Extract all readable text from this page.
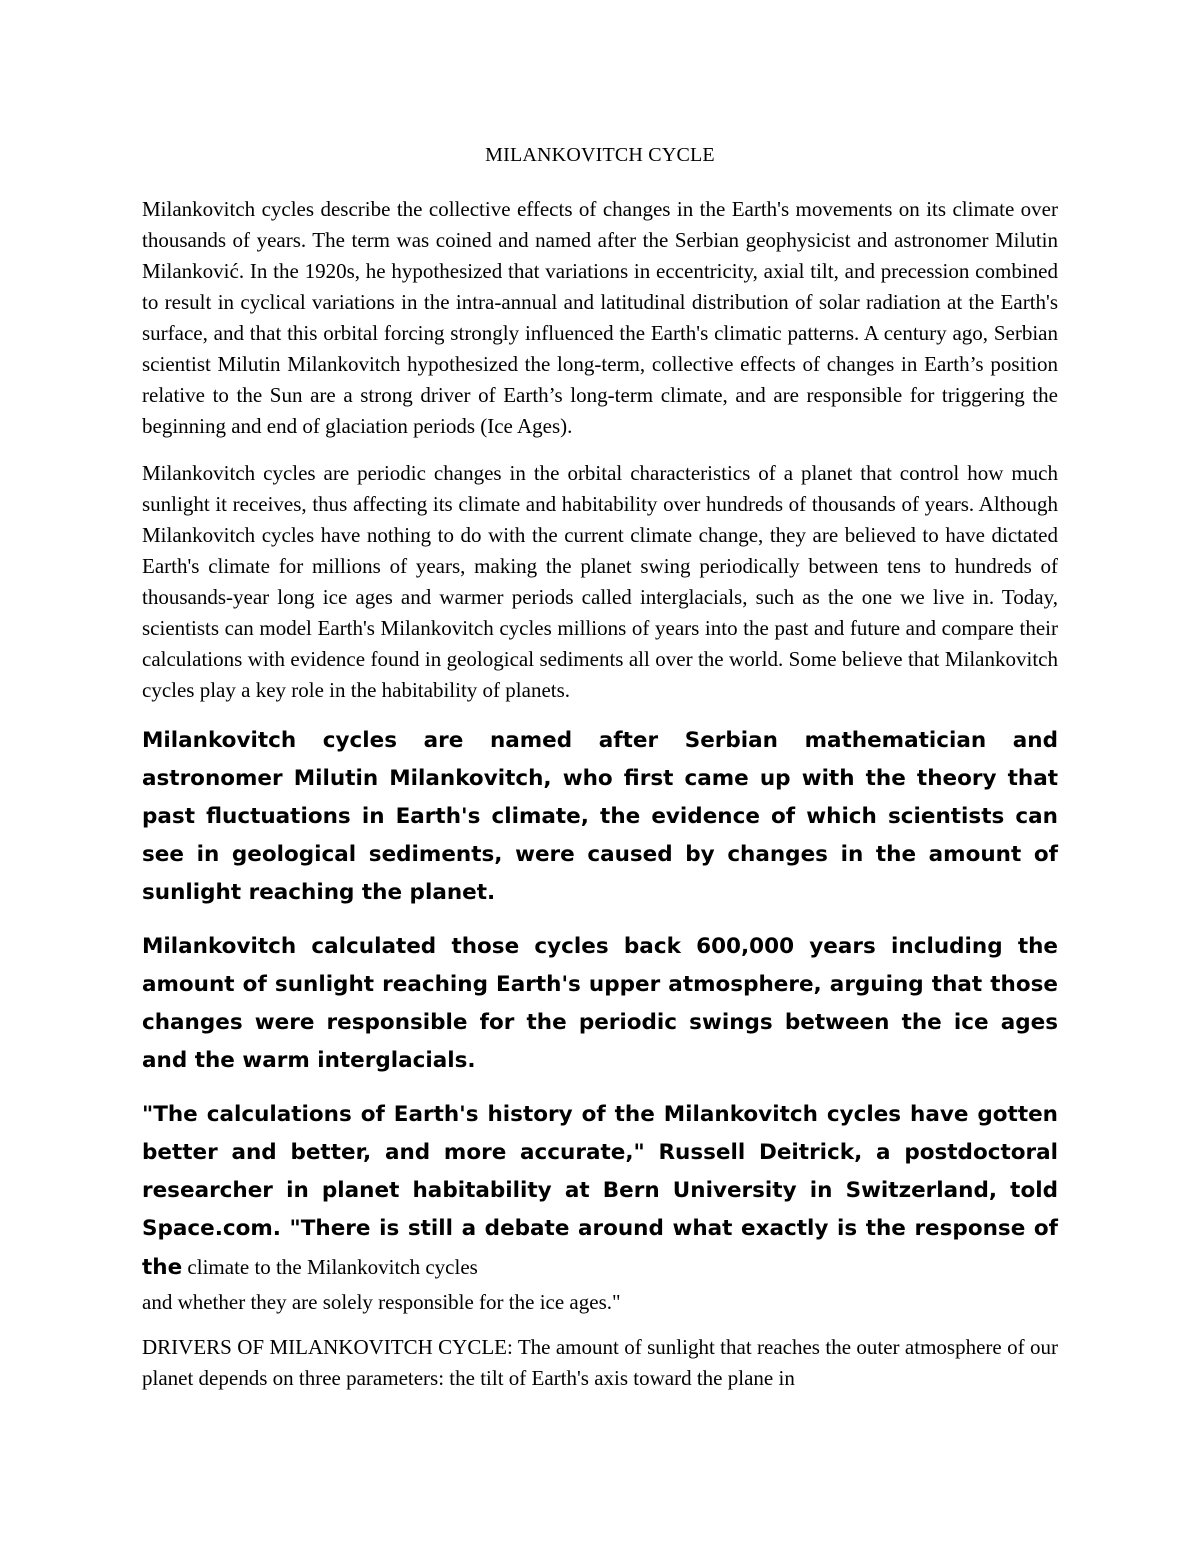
MILANKOVITCH CYCLE

Milankovitch cycles describe the collective effects of changes in the Earth's movements on its climate over thousands of years. The term was coined and named after the Serbian geophysicist and astronomer Milutin Milanković. In the 1920s, he hypothesized that variations in eccentricity, axial tilt, and precession combined to result in cyclical variations in the intra-annual and latitudinal distribution of solar radiation at the Earth's surface, and that this orbital forcing strongly influenced the Earth's climatic patterns. A century ago, Serbian scientist Milutin Milankovitch hypothesized the long-term, collective effects of changes in Earth’s position relative to the Sun are a strong driver of Earth’s long-term climate, and are responsible for triggering the beginning and end of glaciation periods (Ice Ages).

Milankovitch cycles are periodic changes in the orbital characteristics of a planet that control how much sunlight it receives, thus affecting its climate and habitability over hundreds of thousands of years. Although Milankovitch cycles have nothing to do with the current climate change, they are believed to have dictated Earth's climate for millions of years, making the planet swing periodically between tens to hundreds of thousands-year long ice ages and warmer periods called interglacials, such as the one we live in. Today, scientists can model Earth's Milankovitch cycles millions of years into the past and future and compare their calculations with evidence found in geological sediments all over the world. Some believe that Milankovitch cycles play a key role in the habitability of planets.

Milankovitch cycles are named after Serbian mathematician and astronomer Milutin Milankovitch, who first came up with the theory that past fluctuations in Earth's climate, the evidence of which scientists can see in geological sediments, were caused by changes in the amount of sunlight reaching the planet.

Milankovitch calculated those cycles back 600,000 years including the amount of sunlight reaching Earth's upper atmosphere, arguing that those changes were responsible for the periodic swings between the ice ages and the warm interglacials.

"The calculations of Earth's history of the Milankovitch cycles have gotten better and better, and more accurate," Russell Deitrick, a postdoctoral researcher in planet habitability at Bern University in Switzerland, told Space.com. "There is still a debate around what exactly is the response of the climate to the Milankovitch cycles
and whether they are solely responsible for the ice ages."

DRIVERS OF MILANKOVITCH CYCLE: The amount of sunlight that reaches the outer atmosphere of our planet depends on three parameters: the tilt of Earth's axis toward the plane in
